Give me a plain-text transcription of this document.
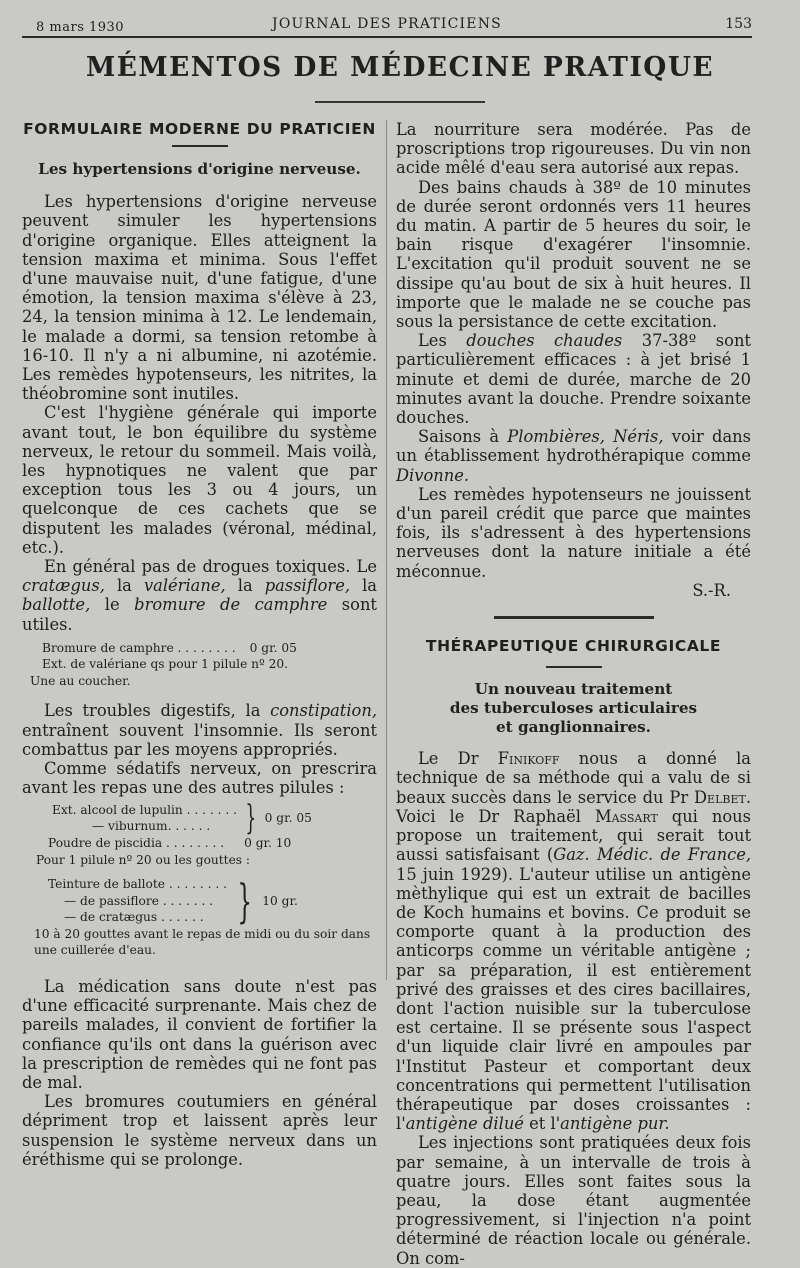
8 mars 1930	JOURNAL DES PRATICIENS	153
MÉMENTOS DE MÉDECINE PRATIQUE
FORMULAIRE MODERNE DU PRATICIEN
Les hypertensions d'origine nerveuse.

Les hypertensions d'origine nerveuse peuvent simuler les hypertensions d'origine organique. Elles atteignent la tension maxima et minima. Sous l'effet d'une mauvaise nuit, d'une fatigue, d'une émotion, la tension maxima s'élève à 23, 24, la tension minima à 12. Le lendemain, le malade a dormi, sa tension retombe à 16-10. Il n'y a ni albumine, ni azotémie. Les remèdes hypotenseurs, les nitrites, la théobromine sont inutiles.

C'est l'hygiène générale qui importe avant tout, le bon équilibre du système nerveux, le retour du sommeil. Mais voilà, les hypnotiques ne valent que par exception tous les 3 ou 4 jours, un quelconque de ces cachets que se disputent les malades (véronal, médinal, etc.).

En général pas de drogues toxiques. Le cratægus, la valériane, la passiflore, la ballotte, le bromure de camphre sont utiles.

Bromure de camphre . . . . . . . . 0 gr. 05
Ext. de valériane qs pour 1 pilule nº 20.
Une au coucher.

Les troubles digestifs, la constipation, entraînent souvent l'insomnie. Ils seront combattus par les moyens appropriés.

Comme sédatifs nerveux, on prescrira avant les repas une des autres pilules :

Ext. alcool de lupulin . . . . . . .
— viburnum. . . . . .	} 0 gr. 05
Poudre de piscidia . . . . . . . . 0 gr. 10
Pour 1 pilule nº 20 ou les gouttes :
Teinture de ballote . . . . . . . .
— de passiflore . . . . . . .
— de cratægus . . . . . . } 10 gr.
10 à 20 gouttes avant le repas de midi ou du soir dans une cuillerée d'eau.

La médication sans doute n'est pas d'une efficacité surprenante. Mais chez de pareils malades, il convient de fortifier la confiance qu'ils ont dans la guérison avec la prescription de remèdes qui ne font pas de mal.

Les bromures coutumiers en général dépriment trop et laissent après leur suspension le système nerveux dans un éréthisme qui se prolonge.

La nourriture sera modérée. Pas de proscriptions trop rigoureuses. Du vin non acide mêlé d'eau sera autorisé aux repas.

Des bains chauds à 38º de 10 minutes de durée seront ordonnés vers 11 heures du matin. A partir de 5 heures du soir, le bain risque d'exagérer l'insomnie. L'excitation qu'il produit souvent ne se dissipe qu'au bout de six à huit heures. Il importe que le malade ne se couche pas sous la persistance de cette excitation.

Les douches chaudes 37-38º sont particulièrement efficaces : à jet brisé 1 minute et demi de durée, marche de 20 minutes avant la douche. Prendre soixante douches.

Saisons à Plombières, Néris, voir dans un établissement hydrothérapique comme Divonne.

Les remèdes hypotenseurs ne jouissent d'un pareil crédit que parce que maintes fois, ils s'adressent à des hypertensions nerveuses dont la nature initiale a été méconnue.

S.-R.
THÉRAPEUTIQUE CHIRURGICALE
Un nouveau traitement
des tuberculoses articulaires
et ganglionnaires.

Le Dr Finikoff nous a donné la technique de sa méthode qui a valu de si beaux succès dans le service du Pr Delbet. Voici le Dr Raphaël Massart qui nous propose un traitement, qui serait tout aussi satisfaisant (Gaz. Médic. de France, 15 juin 1929). L'auteur utilise un antigène mèthylique qui est un extrait de bacilles de Koch humains et bovins. Ce produit se comporte quant à la production des anticorps comme un véritable antigène ; par sa préparation, il est entièrement privé des graisses et des cires bacillaires, dont l'action nuisible sur la tuberculose est certaine. Il se présente sous l'aspect d'un liquide clair livré en ampoules par l'Institut Pasteur et comportant deux concentrations qui permettent l'utilisation thérapeutique par doses croissantes : l'antigène dilué et l'antigène pur.

Les injections sont pratiquées deux fois par semaine, à un intervalle de trois à quatre jours. Elles sont faites sous la peau, la dose étant augmentée progressivement, si l'injection n'a point déterminé de réaction locale ou générale. On com-
